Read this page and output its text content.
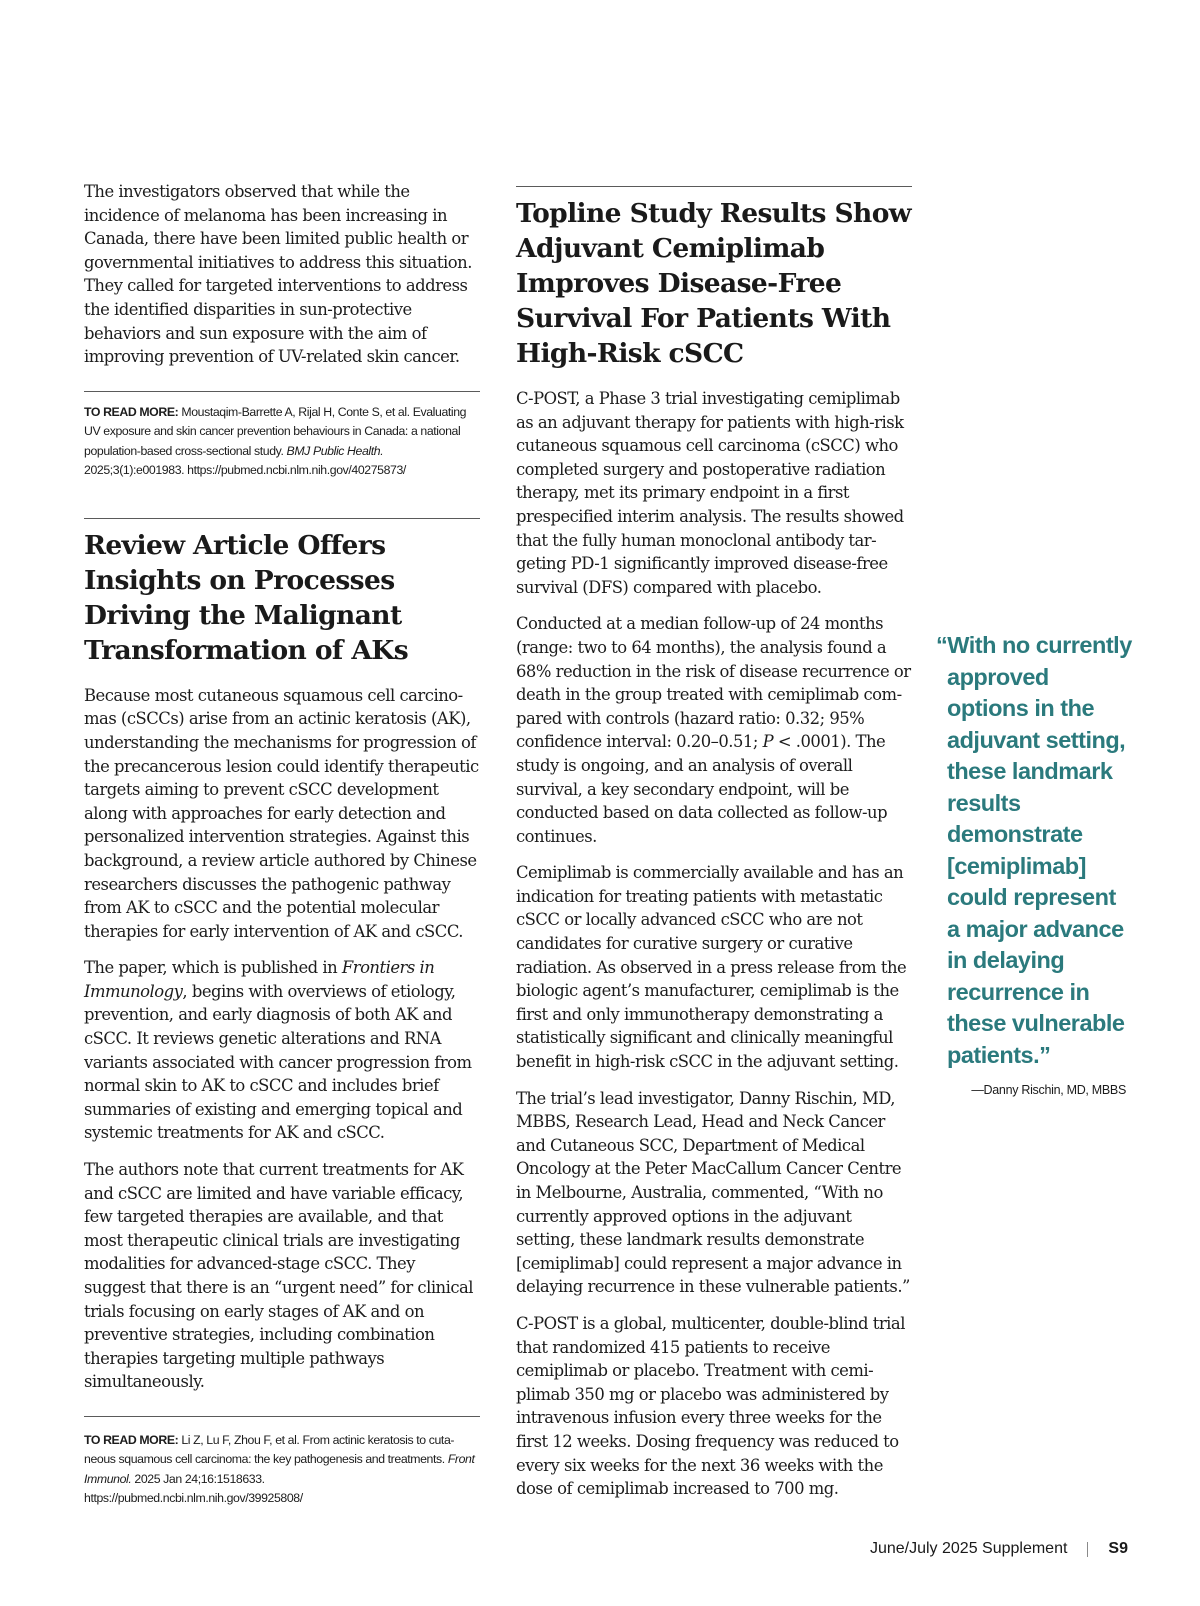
The investigators observed that while the incidence of melanoma has been increasing in Canada, there have been limited public health or governmental initiatives to address this situation. They called for targeted interventions to address the identified disparities in sun-protective behaviors and sun exposure with the aim of improving prevention of UV-related skin cancer.

TO READ MORE: Moustaqim-Barrette A, Rijal H, Conte S, et al. Evaluating UV exposure and skin cancer prevention behaviours in Canada: a national population-based cross-sectional study. BMJ Public Health. 2025;3(1):e001983. https://pubmed.ncbi.nlm.nih.gov/40275873/

Review Article Offers Insights on Processes Driving the Malignant Transformation of AKs

Because most cutaneous squamous cell carcinomas (cSCCs) arise from an actinic keratosis (AK), understanding the mechanisms for progression of the precancerous lesion could identify therapeutic targets aiming to prevent cSCC development along with approaches for early detection and personalized intervention strategies. Against this background, a review article authored by Chinese researchers discusses the pathogenic pathway from AK to cSCC and the potential molecular therapies for early intervention of AK and cSCC.

The paper, which is published in Frontiers in Immunology, begins with overviews of etiology, prevention, and early diagnosis of both AK and cSCC. It reviews genetic alterations and RNA variants associated with cancer progression from normal skin to AK to cSCC and includes brief summaries of existing and emerging topical and systemic treatments for AK and cSCC.

The authors note that current treatments for AK and cSCC are limited and have variable efficacy, few targeted therapies are available, and that most therapeutic clinical trials are investigating modalities for advanced-stage cSCC. They suggest that there is an “urgent need” for clinical trials focusing on early stages of AK and on preventive strategies, including combination therapies targeting multiple pathways simultaneously.

TO READ MORE: Li Z, Lu F, Zhou F, et al. From actinic keratosis to cutaneous squamous cell carcinoma: the key pathogenesis and treatments. Front Immunol. 2025 Jan 24;16:1518633. https://pubmed.ncbi.nlm.nih.gov/39925808/

Topline Study Results Show Adjuvant Cemiplimab Improves Disease-Free Survival For Patients With High-Risk cSCC

C-POST, a Phase 3 trial investigating cemiplimab as an adjuvant therapy for patients with high-risk cutaneous squamous cell carcinoma (cSCC) who completed surgery and postoperative radiation therapy, met its primary endpoint in a first prespecified interim analysis. The results showed that the fully human monoclonal antibody targeting PD-1 significantly improved disease-free survival (DFS) compared with placebo.

Conducted at a median follow-up of 24 months (range: two to 64 months), the analysis found a 68% reduction in the risk of disease recurrence or death in the group treated with cemiplimab compared with controls (hazard ratio: 0.32; 95% confidence interval: 0.20–0.51; P < .0001). The study is ongoing, and an analysis of overall survival, a key secondary endpoint, will be conducted based on data collected as follow-up continues.

Cemiplimab is commercially available and has an indication for treating patients with metastatic cSCC or locally advanced cSCC who are not candidates for curative surgery or curative radiation. As observed in a press release from the biologic agent’s manufacturer, cemiplimab is the first and only immunotherapy demonstrating a statistically significant and clinically meaningful benefit in high-risk cSCC in the adjuvant setting.

The trial’s lead investigator, Danny Rischin, MD, MBBS, Research Lead, Head and Neck Cancer and Cutaneous SCC, Department of Medical Oncology at the Peter MacCallum Cancer Centre in Melbourne, Australia, commented, “With no currently approved options in the adjuvant setting, these landmark results demonstrate [cemiplimab] could represent a major advance in delaying recurrence in these vulnerable patients.”

C-POST is a global, multicenter, double-blind trial that randomized 415 patients to receive cemiplimab or placebo. Treatment with cemiplimab 350 mg or placebo was administered by intravenous infusion every three weeks for the first 12 weeks. Dosing frequency was reduced to every six weeks for the next 36 weeks with the dose of cemiplimab increased to 700 mg.

“With no currently approved options in the adjuvant setting, these landmark results demonstrate [cemiplimab] could represent a major advance in delaying recurrence in these vulnerable patients.”

—Danny Rischin, MD, MBBS
June/July 2025 Supplement	S9
